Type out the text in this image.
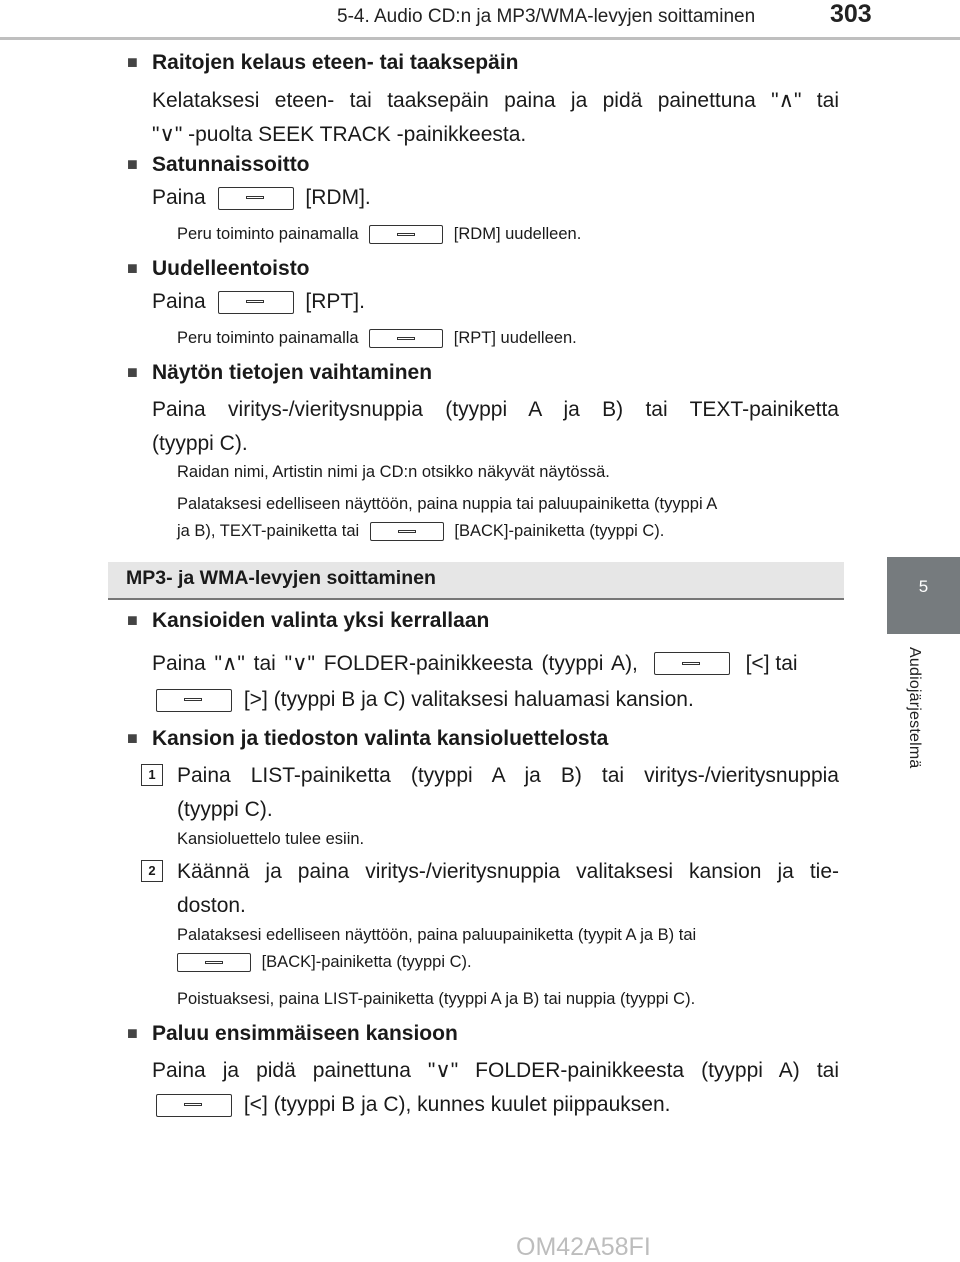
5-4. Audio CD:n ja MP3/WMA-levyjen soittaminen	303
5
Audiojärjestelmä
■ Raitojen kelaus eteen- tai taaksepäin
Kelataksesi eteen- tai taaksepäin paina ja pidä painettuna "∧" tai
"∨" -puolta SEEK TRACK -painikkeesta.
■ Satunnaissoitto
Paina	[RDM].
Peru toiminto painamalla	[RDM] uudelleen.
■ Uudelleentoisto
Paina	[RPT].
Peru toiminto painamalla	[RPT] uudelleen.
■ Näytön tietojen vaihtaminen
Paina viritys-/vieritysnuppia (tyyppi A ja B) tai TEXT-painiketta
(tyyppi C).
Raidan nimi, Artistin nimi ja CD:n otsikko näkyvät näytössä.
Palataksesi edelliseen näyttöön, paina nuppia tai paluupainiketta (tyyppi A
ja B), TEXT-painiketta tai	[BACK]-painiketta (tyyppi C).
MP3- ja WMA-levyjen soittaminen
■ Kansioiden valinta yksi kerrallaan
Paina "∧" tai "∨" FOLDER-painikkeesta (tyyppi A),	[<] tai
[>] (tyyppi B ja C) valitaksesi haluamasi kansion.
■ Kansion ja tiedoston valinta kansioluettelosta
1	Paina LIST-painiketta (tyyppi A ja B) tai viritys-/vieritysnuppia
(tyyppi C).
Kansioluettelo tulee esiin.
2	Käännä ja paina viritys-/vieritysnuppia valitaksesi kansion ja tie-
doston.
Palataksesi edelliseen näyttöön, paina paluupainiketta (tyypit A ja B) tai
[BACK]-painiketta (tyyppi C).
Poistuaksesi, paina LIST-painiketta (tyyppi A ja B) tai nuppia (tyyppi C).
■ Paluu ensimmäiseen kansioon
Paina ja pidä painettuna "∨" FOLDER-painikkeesta (tyyppi A) tai
[<] (tyyppi B ja C), kunnes kuulet piippauksen.
OM42A58FI
